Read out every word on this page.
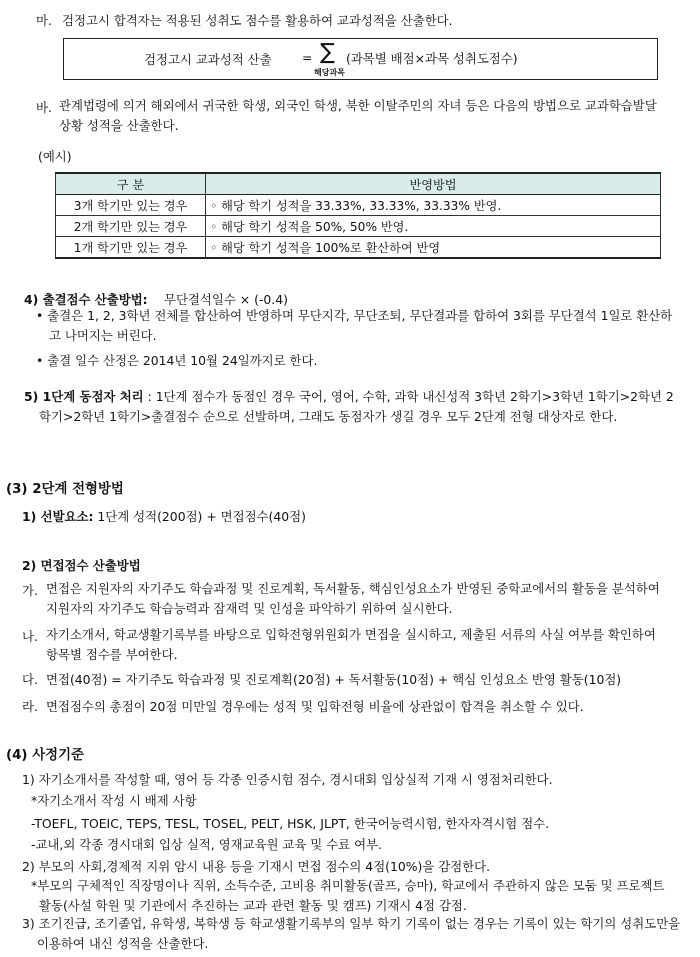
마. 검정고시 합격자는 적용된 성취도 점수를 활용하여 교과성적을 산출한다.
검정고시 교과성적 산출 = ∑
해당과목
(과목별 배점×과목 성취도점수)
바. 관계법령에 의거 해외에서 귀국한 학생, 외국인 학생, 북한 이탈주민의 자녀 등은 다음의 방법으로 교과학습발달상황 성적을 산출한다.
(예시)
구 분	반영방법
3개 학기만 있는 경우	◦ 해당 학기 성적을 33.33%, 33.33%, 33.33% 반영.
2개 학기만 있는 경우	◦ 해당 학기 성적을 50%, 50% 반영.
1개 학기만 있는 경우	◦ 해당 학기 성적을 100%로 환산하여 반영
4) 출결점수 산출방법: 무단결석일수 × (-0.4)
• 출결은 1, 2, 3학년 전체를 합산하여 반영하며 무단지각, 무단조퇴, 무단결과를 합하여 3회를 무단결석 1일로 환산하고 나머지는 버린다.
• 출결 일수 산정은 2014년 10월 24일까지로 한다.
5) 1단계 동점자 처리 : 1단계 점수가 동점인 경우 국어, 영어, 수학, 과학 내신성적 3학년 2학기>3학년 1학기>2학년 2학기>2학년 1학기>출결점수 순으로 선발하며, 그래도 동점자가 생길 경우 모두 2단계 전형 대상자로 한다.
(3) 2단계 전형방법
1) 선발요소: 1단계 성적(200점) + 면접점수(40점)
2) 면접점수 산출방법
가. 면접은 지원자의 자기주도 학습과정 및 진로계획, 독서활동, 핵심인성요소가 반영된 중학교에서의 활동을 분석하여 지원자의 자기주도 학습능력과 잠재력 및 인성을 파악하기 위하여 실시한다.
나. 자기소개서, 학교생활기록부를 바탕으로 입학전형위원회가 면접을 실시하고, 제출된 서류의 사실 여부를 확인하여 항목별 점수를 부여한다.
다. 면접(40점) = 자기주도 학습과정 및 진로계획(20점) + 독서활동(10점) + 핵심 인성요소 반영 활동(10점)
라. 면접점수의 총점이 20점 미만일 경우에는 성적 및 입학전형 비율에 상관없이 합격을 취소할 수 있다.
(4) 사정기준
1) 자기소개서를 작성할 때, 영어 등 각종 인증시험 점수, 경시대회 입상실적 기재 시 영점처리한다.
*자기소개서 작성 시 배제 사항
-TOEFL, TOEIC, TEPS, TESL, TOSEL, PELT, HSK, JLPT, 한국어능력시험, 한자자격시험 점수.
-교내,외 각종 경시대회 입상 실적, 영재교육원 교육 및 수료 여부.
2) 부모의 사회,경제적 지위 암시 내용 등을 기재시 면접 점수의 4점(10%)을 감점한다.
*부모의 구체적인 직장명이나 직위, 소득수준, 고비용 취미활동(골프, 승마), 학교에서 주관하지 않은 모둠 및 프로젝트 활동(사설 학원 및 기관에서 추진하는 교과 관련 활동 및 캠프) 기재시 4점 감점.
3) 조기진급, 조기졸업, 유학생, 복학생 등 학교생활기록부의 일부 학기 기록이 없는 경우는 기록이 있는 학기의 성취도만을 이용하여 내신 성적을 산출한다.
